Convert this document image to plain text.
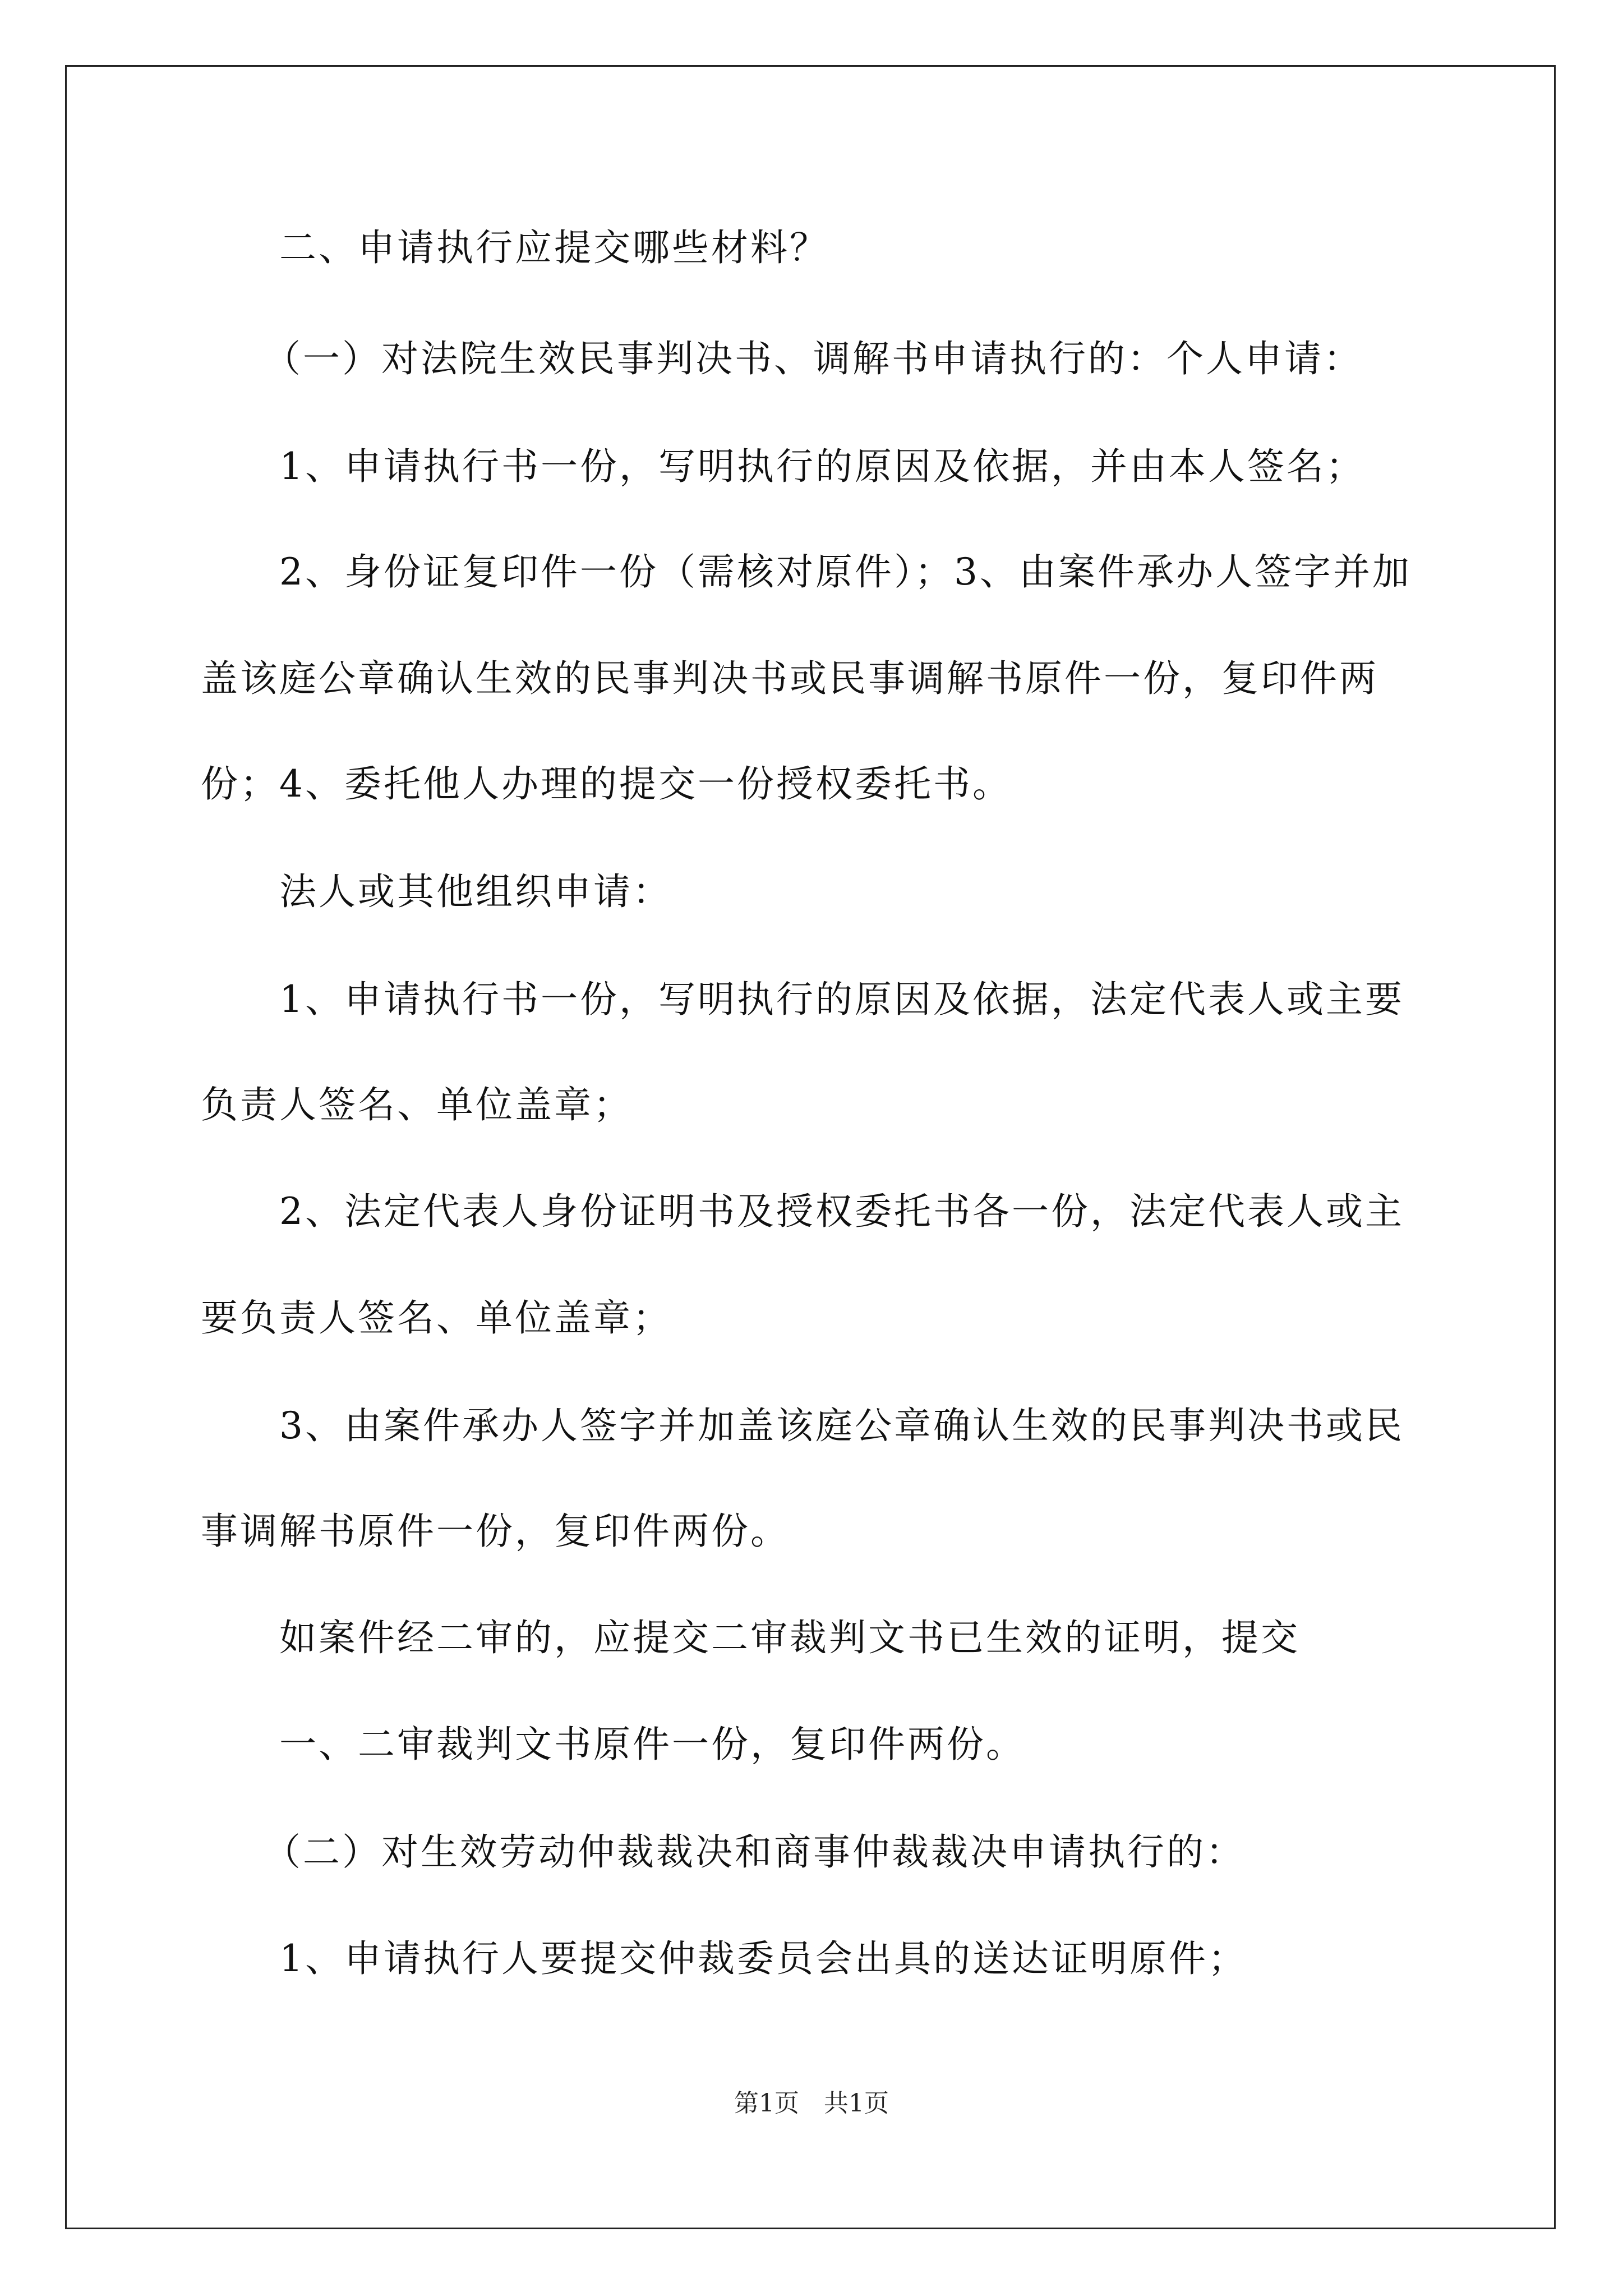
二、申请执行应提交哪些材料？

（一）对法院生效民事判决书、调解书申请执行的：个人申请：

1、申请执行书一份，写明执行的原因及依据，并由本人签名；

2、身份证复印件一份（需核对原件）；3、由案件承办人签字并加

盖该庭公章确认生效的民事判决书或民事调解书原件一份，复印件两

份；4、委托他人办理的提交一份授权委托书。

法人或其他组织申请：

1、申请执行书一份，写明执行的原因及依据，法定代表人或主要

负责人签名、单位盖章；

2、法定代表人身份证明书及授权委托书各一份，法定代表人或主

要负责人签名、单位盖章；

3、由案件承办人签字并加盖该庭公章确认生效的民事判决书或民

事调解书原件一份，复印件两份。

如案件经二审的，应提交二审裁判文书已生效的证明，提交

一、二审裁判文书原件一份，复印件两份。

（二）对生效劳动仲裁裁决和商事仲裁裁决申请执行的：

1、申请执行人要提交仲裁委员会出具的送达证明原件；

第1页　共1页
